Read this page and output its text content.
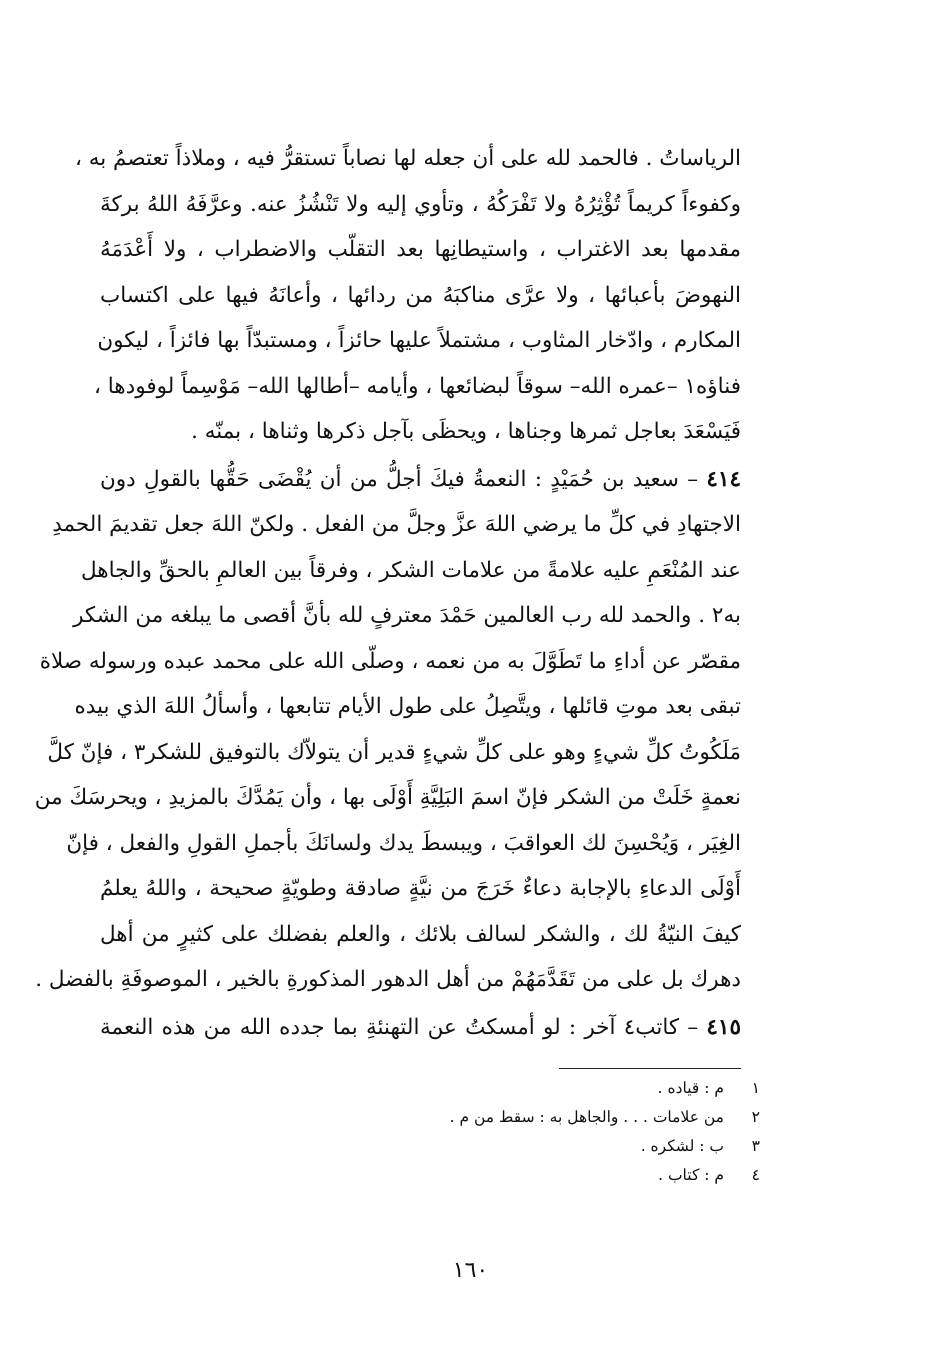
الرياساتُ . فالحمد لله على أن جعله لها نصاباً تستقرُّ فيه ، وملاذاً تعتصمُ به ،

وكفوءاً كريماً تُؤْثِرُهُ ولا تَفْرَكُهُ ، وتأوي إليه ولا تَنْشُزُ عنه. وعرَّفَهُ اللهُ بركةَ

مقدمها بعد الاغتراب ، واستيطانِها بعد التقلّب والاضطراب ، ولا أَعْدَمَهُ

النهوضَ بأعبائها ، ولا عرَّى مناكبَهُ من ردائها ، وأعانَهُ فيها على اكتساب

المكارم ، وادّخار المثاوب ، مشتملاً عليها حائزاً ، ومستبدّاً بها فائزاً ، ليكون

فناؤه١ –عمره الله– سوقاً لبضائعها ، وأيامه –أطالها الله– مَوْسِماً لوفودها ،

فَيَسْعَدَ بعاجل ثمرها وجناها ، ويحظَى بآجل ذكرها وثناها ، بمنّه .

٤١٤ – سعيد بن حُمَيْدٍ : النعمةُ فيكَ أجلُّ من أن يُقْضَى حَقُّها بالقولِ دون

الاجتهادِ في كلِّ ما يرضي اللهَ عزَّ وجلَّ من الفعل . ولكنّ اللهَ جعل تقديمَ الحمدِ

عند المُنْعَمِ عليه علامةً من علامات الشكر ، وفرقاً بين العالمِ بالحقِّ والجاهل

به٢ . والحمد لله رب العالمين حَمْدَ معترفٍ لله بأنَّ أقصى ما يبلغه من الشكر

مقصّر عن أداءِ ما تَطَوَّلَ به من نعمه ، وصلّى الله على محمد عبده ورسوله صلاة

تبقى بعد موتِ قائلها ، ويتَّصِلُ على طول الأيام تتابعها ، وأسألُ اللهَ الذي بيده

مَلَكُوتُ كلِّ شيءٍ وهو على كلِّ شيءٍ قدير أن يتولاّك بالتوفيق للشكر٣ ، فإنّ كلَّ

نعمةٍ خَلَتْ من الشكر فإنّ اسمَ البَلِيَّةِ أَوْلَى بها ، وأن يَمُدَّكَ بالمزيدِ ، ويحرسَكَ من

الغِيَر ، وَيُحْسِنَ لك العواقبَ ، ويبسطَ يدك ولسانَكَ بأجملِ القولِ والفعل ، فإنّ

أَوْلَى الدعاءِ بالإجابة دعاءٌ خَرَجَ من نيَّةٍ صادقة وطويّةٍ صحيحة ، واللهُ يعلمُ

كيفَ النيّةُ لك ، والشكر لسالف بلائك ، والعلم بفضلك على كثيرٍ من أهل

دهرك بل على من تَقَدَّمَهُمْ من أهل الدهور المذكورةِ بالخير ، الموصوفَةِ بالفضل .

٤١٥ – كاتب٤ آخر : لو أمسكتُ عن التهنئةِ بما جدده الله من هذه النعمة

١
م : قياده .
٢
من علامات . . . والجاهل به : سقط من م .
٣
ب : لشكره .
٤
م : كتاب .
١٦٠
